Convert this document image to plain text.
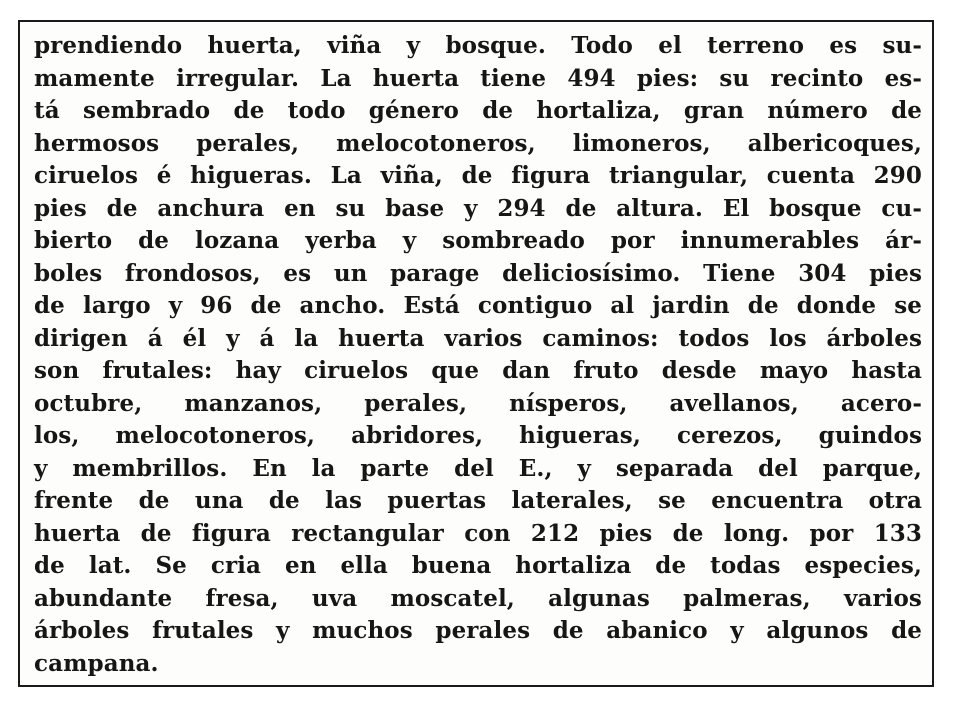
prendiendo huerta, viña y bosque. Todo el terreno es su-
mamente irregular. La huerta tiene 494 pies: su recinto es-
tá sembrado de todo género de hortaliza, gran número de
hermosos perales, melocotoneros, limoneros, albericoques,
ciruelos é higueras. La viña, de figura triangular, cuenta 290
pies de anchura en su base y 294 de altura. El bosque cu-
bierto de lozana yerba y sombreado por innumerables ár-
boles frondosos, es un parage deliciosísimo. Tiene 304 pies
de largo y 96 de ancho. Está contiguo al jardin de donde se
dirigen á él y á la huerta varios caminos: todos los árboles
son frutales: hay ciruelos que dan fruto desde mayo hasta
octubre, manzanos, perales, nísperos, avellanos, acero-
los, melocotoneros, abridores, higueras, cerezos, guindos
y membrillos. En la parte del E., y separada del parque,
frente de una de las puertas laterales, se encuentra otra
huerta de figura rectangular con 212 pies de long. por 133
de lat. Se cria en ella buena hortaliza de todas especies,
abundante fresa, uva moscatel, algunas palmeras, varios
árboles frutales y muchos perales de abanico y algunos de
campana.
